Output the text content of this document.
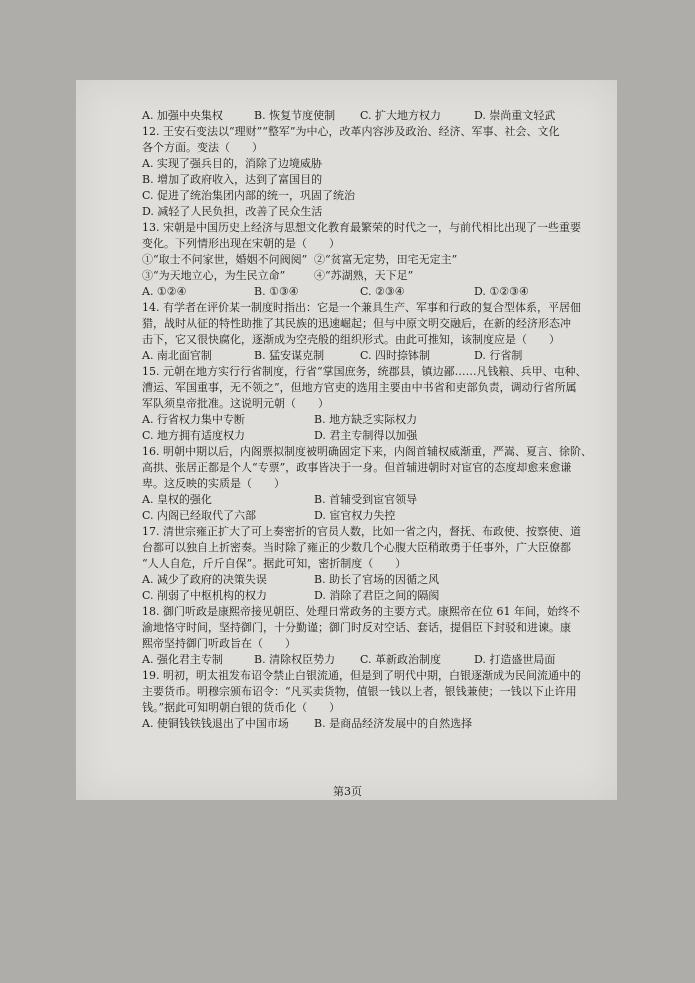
A. 加强中央集权	B. 恢复节度使制 C. 扩大地方权力	D. 崇尚重文轻武
12. 王安石变法以“理财”“整军”为中心，改革内容涉及政治、经济、军事、社会、文化
各个方面。变法（　　）
A. 实现了强兵目的，消除了边境威胁
B. 增加了政府收入，达到了富国目的
C. 促进了统治集团内部的统一，巩固了统治
D. 减轻了人民负担，改善了民众生活
13. 宋朝是中国历史上经济与思想文化教育最繁荣的时代之一，与前代相比出现了一些重要
变化。下列情形出现在宋朝的是（　　）
①“取士不问家世，婚姻不问阀阅” ②“贫富无定势，田宅无定主”
③“为天地立心，为生民立命”	④“苏湖熟，天下足”
A. ①②④	B. ①③④	C. ②③④	D. ①②③④
14. 有学者在评价某一制度时指出：它是一个兼具生产、军事和行政的复合型体系，平居佃
猎，战时从征的特性助推了其民族的迅速崛起；但与中原文明交融后，在新的经济形态冲
击下，它又很快腐化，逐渐成为空壳般的组织形式。由此可推知，该制度应是（　　）
A. 南北面官制	B. 猛安谋克制	C. 四时捺钵制	D. 行省制
15. 元朝在地方实行行省制度，行省“掌国庶务，统郡县，镇边鄙……凡钱粮、兵甲、屯种、
漕运、军国重事，无不领之”，但地方官吏的选用主要由中书省和吏部负责，调动行省所属
军队须皇帝批准。这说明元朝（　　）
A. 行省权力集中专断	B. 地方缺乏实际权力
C. 地方拥有适度权力	D. 君主专制得以加强
16. 明朝中期以后，内阁票拟制度被明确固定下来，内阁首辅权威渐重，严嵩、夏言、徐阶、
高拱、张居正都是个人“专票”，政事皆决于一身。但首辅进朝时对宦官的态度却愈来愈谦
卑。这反映的实质是（　　）
A. 皇权的强化	B. 首辅受到宦官领导
C. 内阁已经取代了六部	D. 宦官权力失控
17. 清世宗雍正扩大了可上奏密折的官员人数，比如一省之内，督抚、布政使、按察使、道
台都可以独自上折密奏。当时除了雍正的少数几个心腹大臣稍敢勇于任事外，广大臣僚都
“人人自危，斤斤自保”。据此可知，密折制度（　　）
A. 减少了政府的决策失误	B. 助长了官场的因循之风
C. 削弱了中枢机构的权力	D. 消除了君臣之间的隔阂
18. 御门听政是康熙帝接见朝臣、处理日常政务的主要方式。康熙帝在位 61 年间，始终不
渝地恪守时间，坚持御门，十分勤谨；御门时反对空话、套话，提倡臣下封驳和进谏。康
熙帝坚持御门听政旨在（　　）
A. 强化君主专制	B. 清除权臣势力 C. 革新政治制度	D. 打造盛世局面
19. 明初，明太祖发布诏令禁止白银流通，但是到了明代中期，白银逐渐成为民间流通中的
主要货币。明穆宗颁布诏令：“凡买卖货物，值银一钱以上者，银钱兼使；一钱以下止许用
钱。”据此可知明朝白银的货币化（　　）
A. 使铜钱铁钱退出了中国市场 B. 是商品经济发展中的自然选择
第3页
